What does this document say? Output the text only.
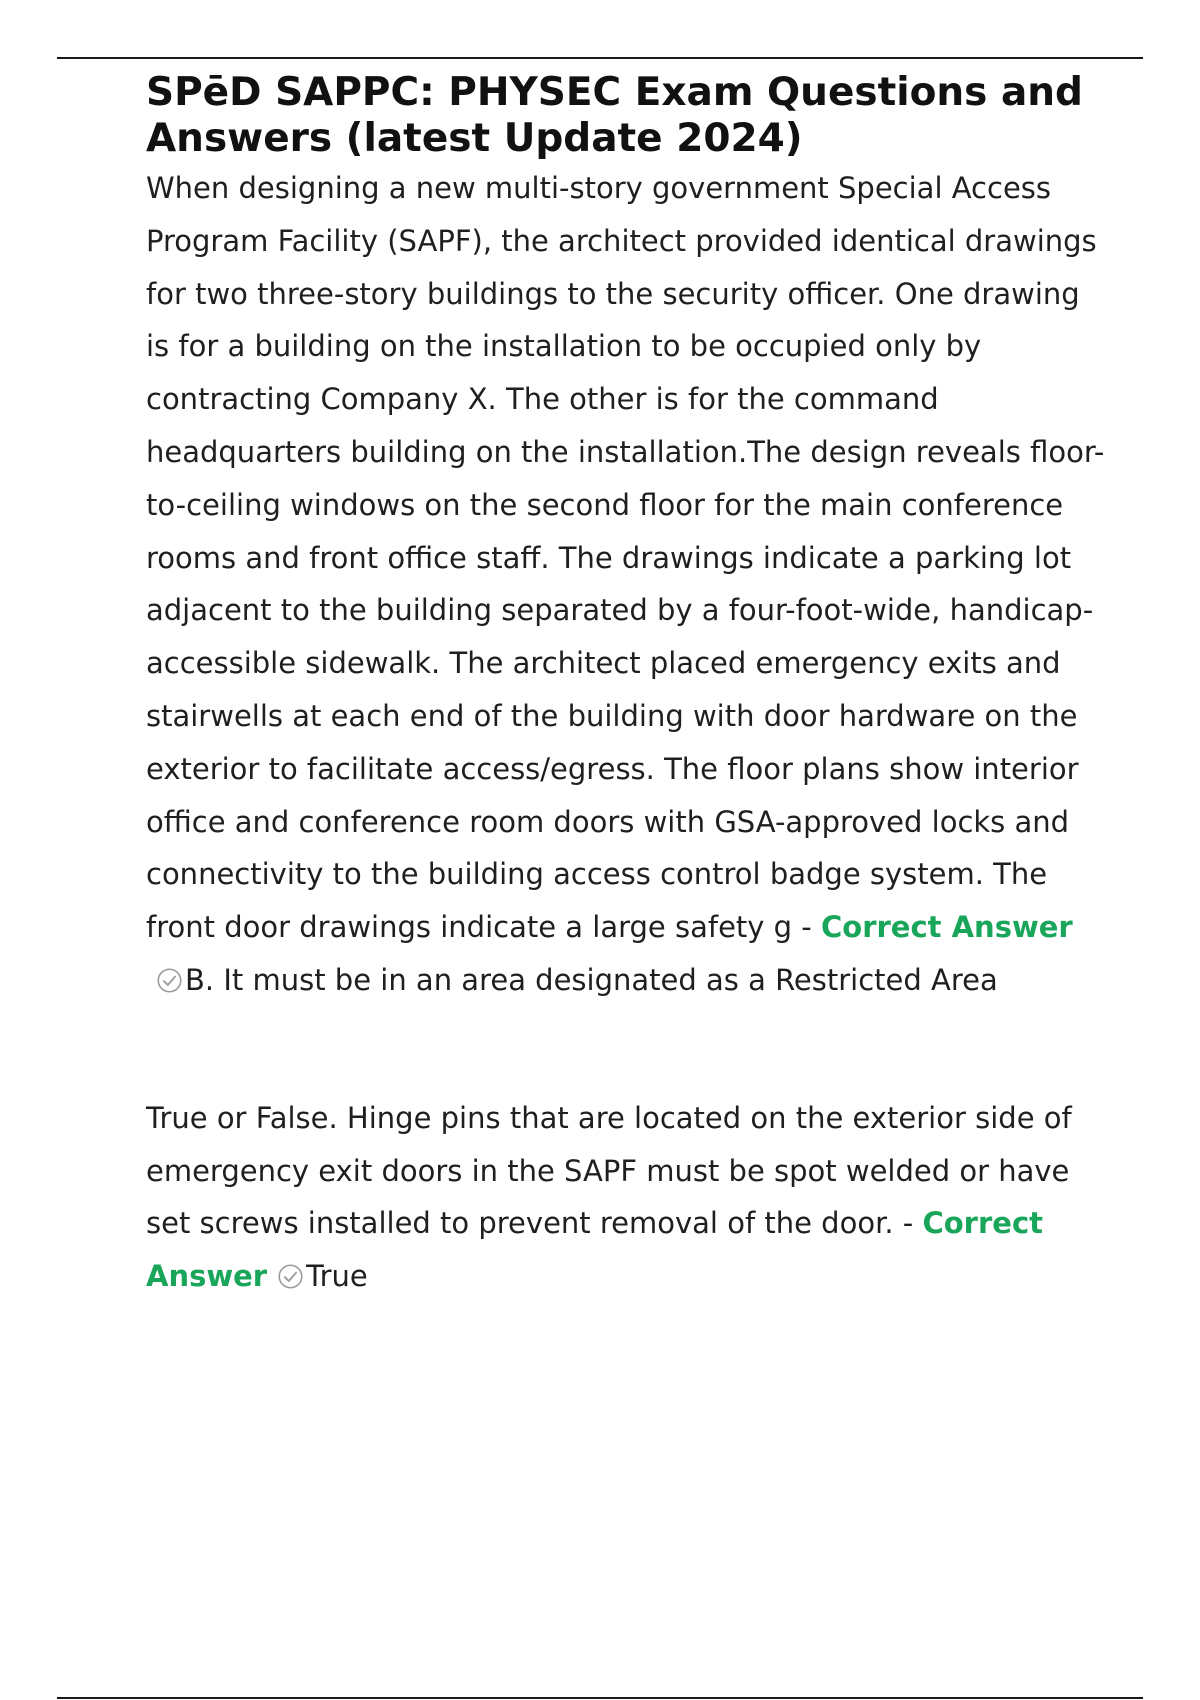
SPēD SAPPC: PHYSEC Exam Questions and Answers (latest Update 2024)

When designing a new multi-story government Special Access Program Facility (SAPF), the architect provided identical drawings for two three-story buildings to the security officer. One drawing is for a building on the installation to be occupied only by contracting Company X. The other is for the command headquarters building on the installation.The design reveals floor-to-ceiling windows on the second floor for the main conference rooms and front office staff. The drawings indicate a parking lot adjacent to the building separated by a four-foot-wide, handicap-accessible sidewalk. The architect placed emergency exits and stairwells at each end of the building with door hardware on the exterior to facilitate access/egress. The floor plans show interior office and conference room doors with GSA-approved locks and connectivity to the building access control badge system. The front door drawings indicate a large safety g - Correct AnswerB. It must be in an area designated as a Restricted Area

True or False. Hinge pins that are located on the exterior side of emergency exit doors in the SAPF must be spot welded or have set screws installed to prevent removal of the door. - Correct Answer True
